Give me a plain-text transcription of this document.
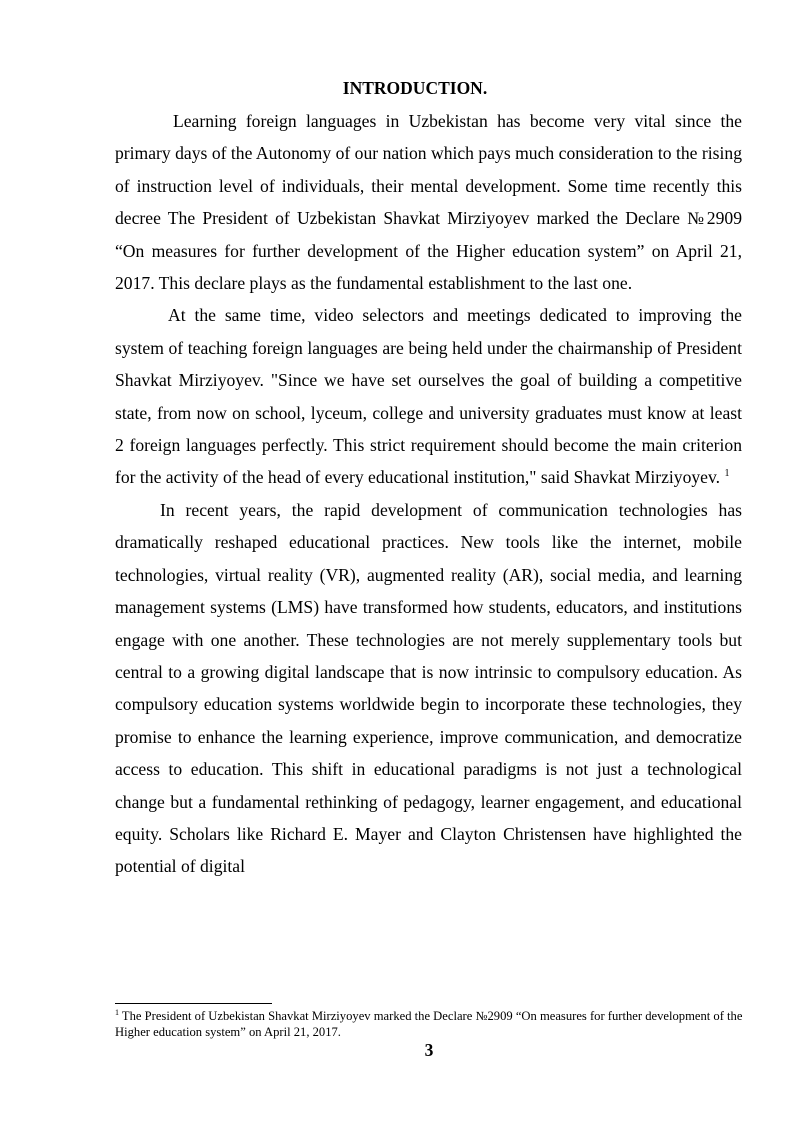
INTRODUCTION.

Learning foreign languages in Uzbekistan has become very vital since the primary days of the Autonomy of our nation which pays much consideration to the rising of instruction level of individuals, their mental development. Some time recently this decree The President of Uzbekistan Shavkat Mirziyoyev marked the Declare №2909 “On measures for further development of the Higher education system” on April 21, 2017. This declare plays as the fundamental establishment to the last one.

At the same time, video selectors and meetings dedicated to improving the system of teaching foreign languages are being held under the chairmanship of President Shavkat Mirziyoyev. "Since we have set ourselves the goal of building a competitive state, from now on school, lyceum, college and university graduates must know at least 2 foreign languages perfectly. This strict requirement should become the main criterion for the activity of the head of every educational institution," said Shavkat Mirziyoyev. $^1$

In recent years, the rapid development of communication technologies has dramatically reshaped educational practices. New tools like the internet, mobile technologies, virtual reality (VR), augmented reality (AR), social media, and learning management systems (LMS) have transformed how students, educators, and institutions engage with one another. These technologies are not merely supplementary tools but central to a growing digital landscape that is now intrinsic to compulsory education. As compulsory education systems worldwide begin to incorporate these technologies, they promise to enhance the learning experience, improve communication, and democratize access to education. This shift in educational paradigms is not just a technological change but a fundamental rethinking of pedagogy, learner engagement, and educational equity. Scholars like Richard E. Mayer and Clayton Christensen have highlighted the potential of digital

$^1$ The President of Uzbekistan Shavkat Mirziyoyev marked the Declare №2909 “On measures for further development of the Higher education system” on April 21, 2017.

3
